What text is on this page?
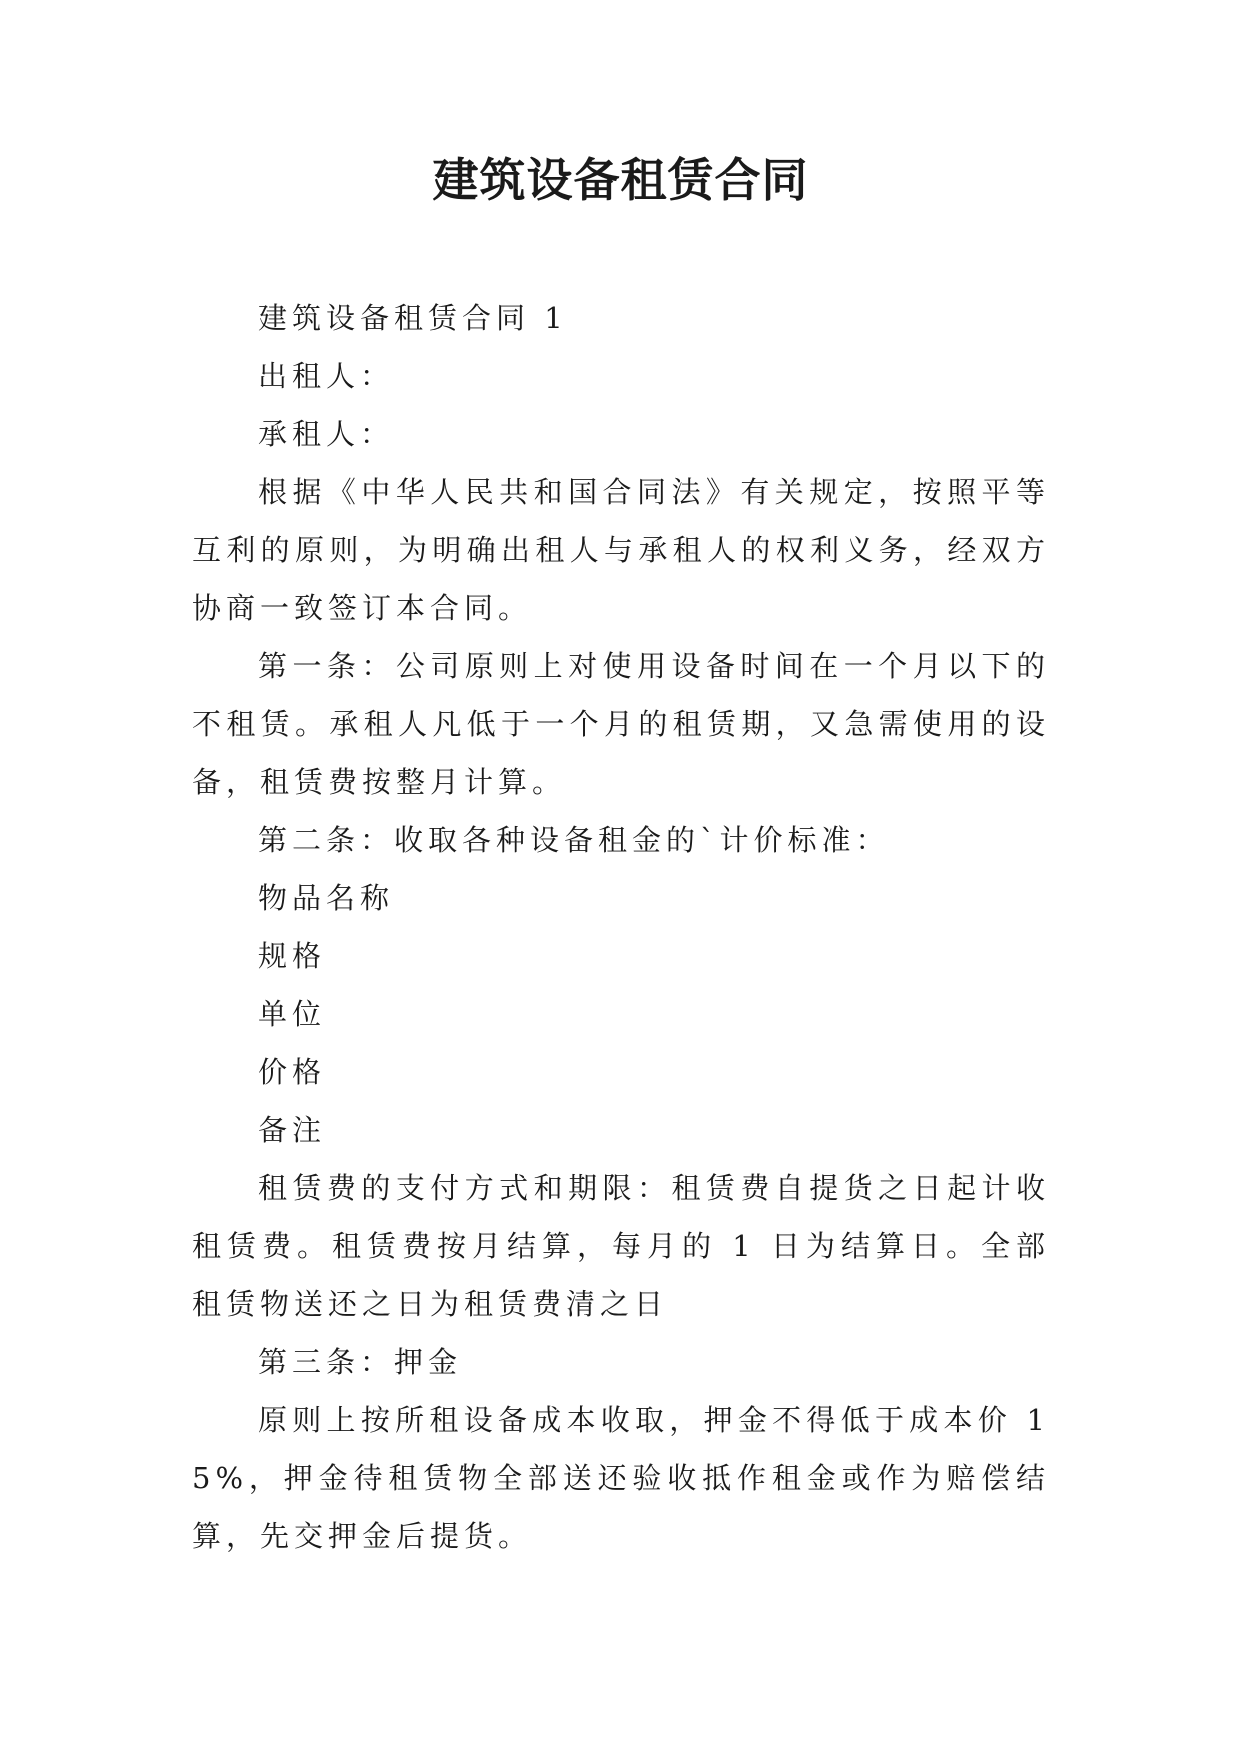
建筑设备租赁合同

建筑设备租赁合同 1

出租人：

承租人：

根据《中华人民共和国合同法》有关规定，按照平等互利的原则，为明确出租人与承租人的权利义务，经双方协商一致签订本合同。

第一条：公司原则上对使用设备时间在一个月以下的不租赁。承租人凡低于一个月的租赁期，又急需使用的设备，租赁费按整月计算。

第二条：收取各种设备租金的`计价标准：

物品名称

规格

单位

价格

备注

租赁费的支付方式和期限：租赁费自提货之日起计收租赁费。租赁费按月结算，每月的 1 日为结算日。全部租赁物送还之日为租赁费清之日

第三条：押金

原则上按所租设备成本收取，押金不得低于成本价 15%，押金待租赁物全部送还验收抵作租金或作为赔偿结算，先交押金后提货。
